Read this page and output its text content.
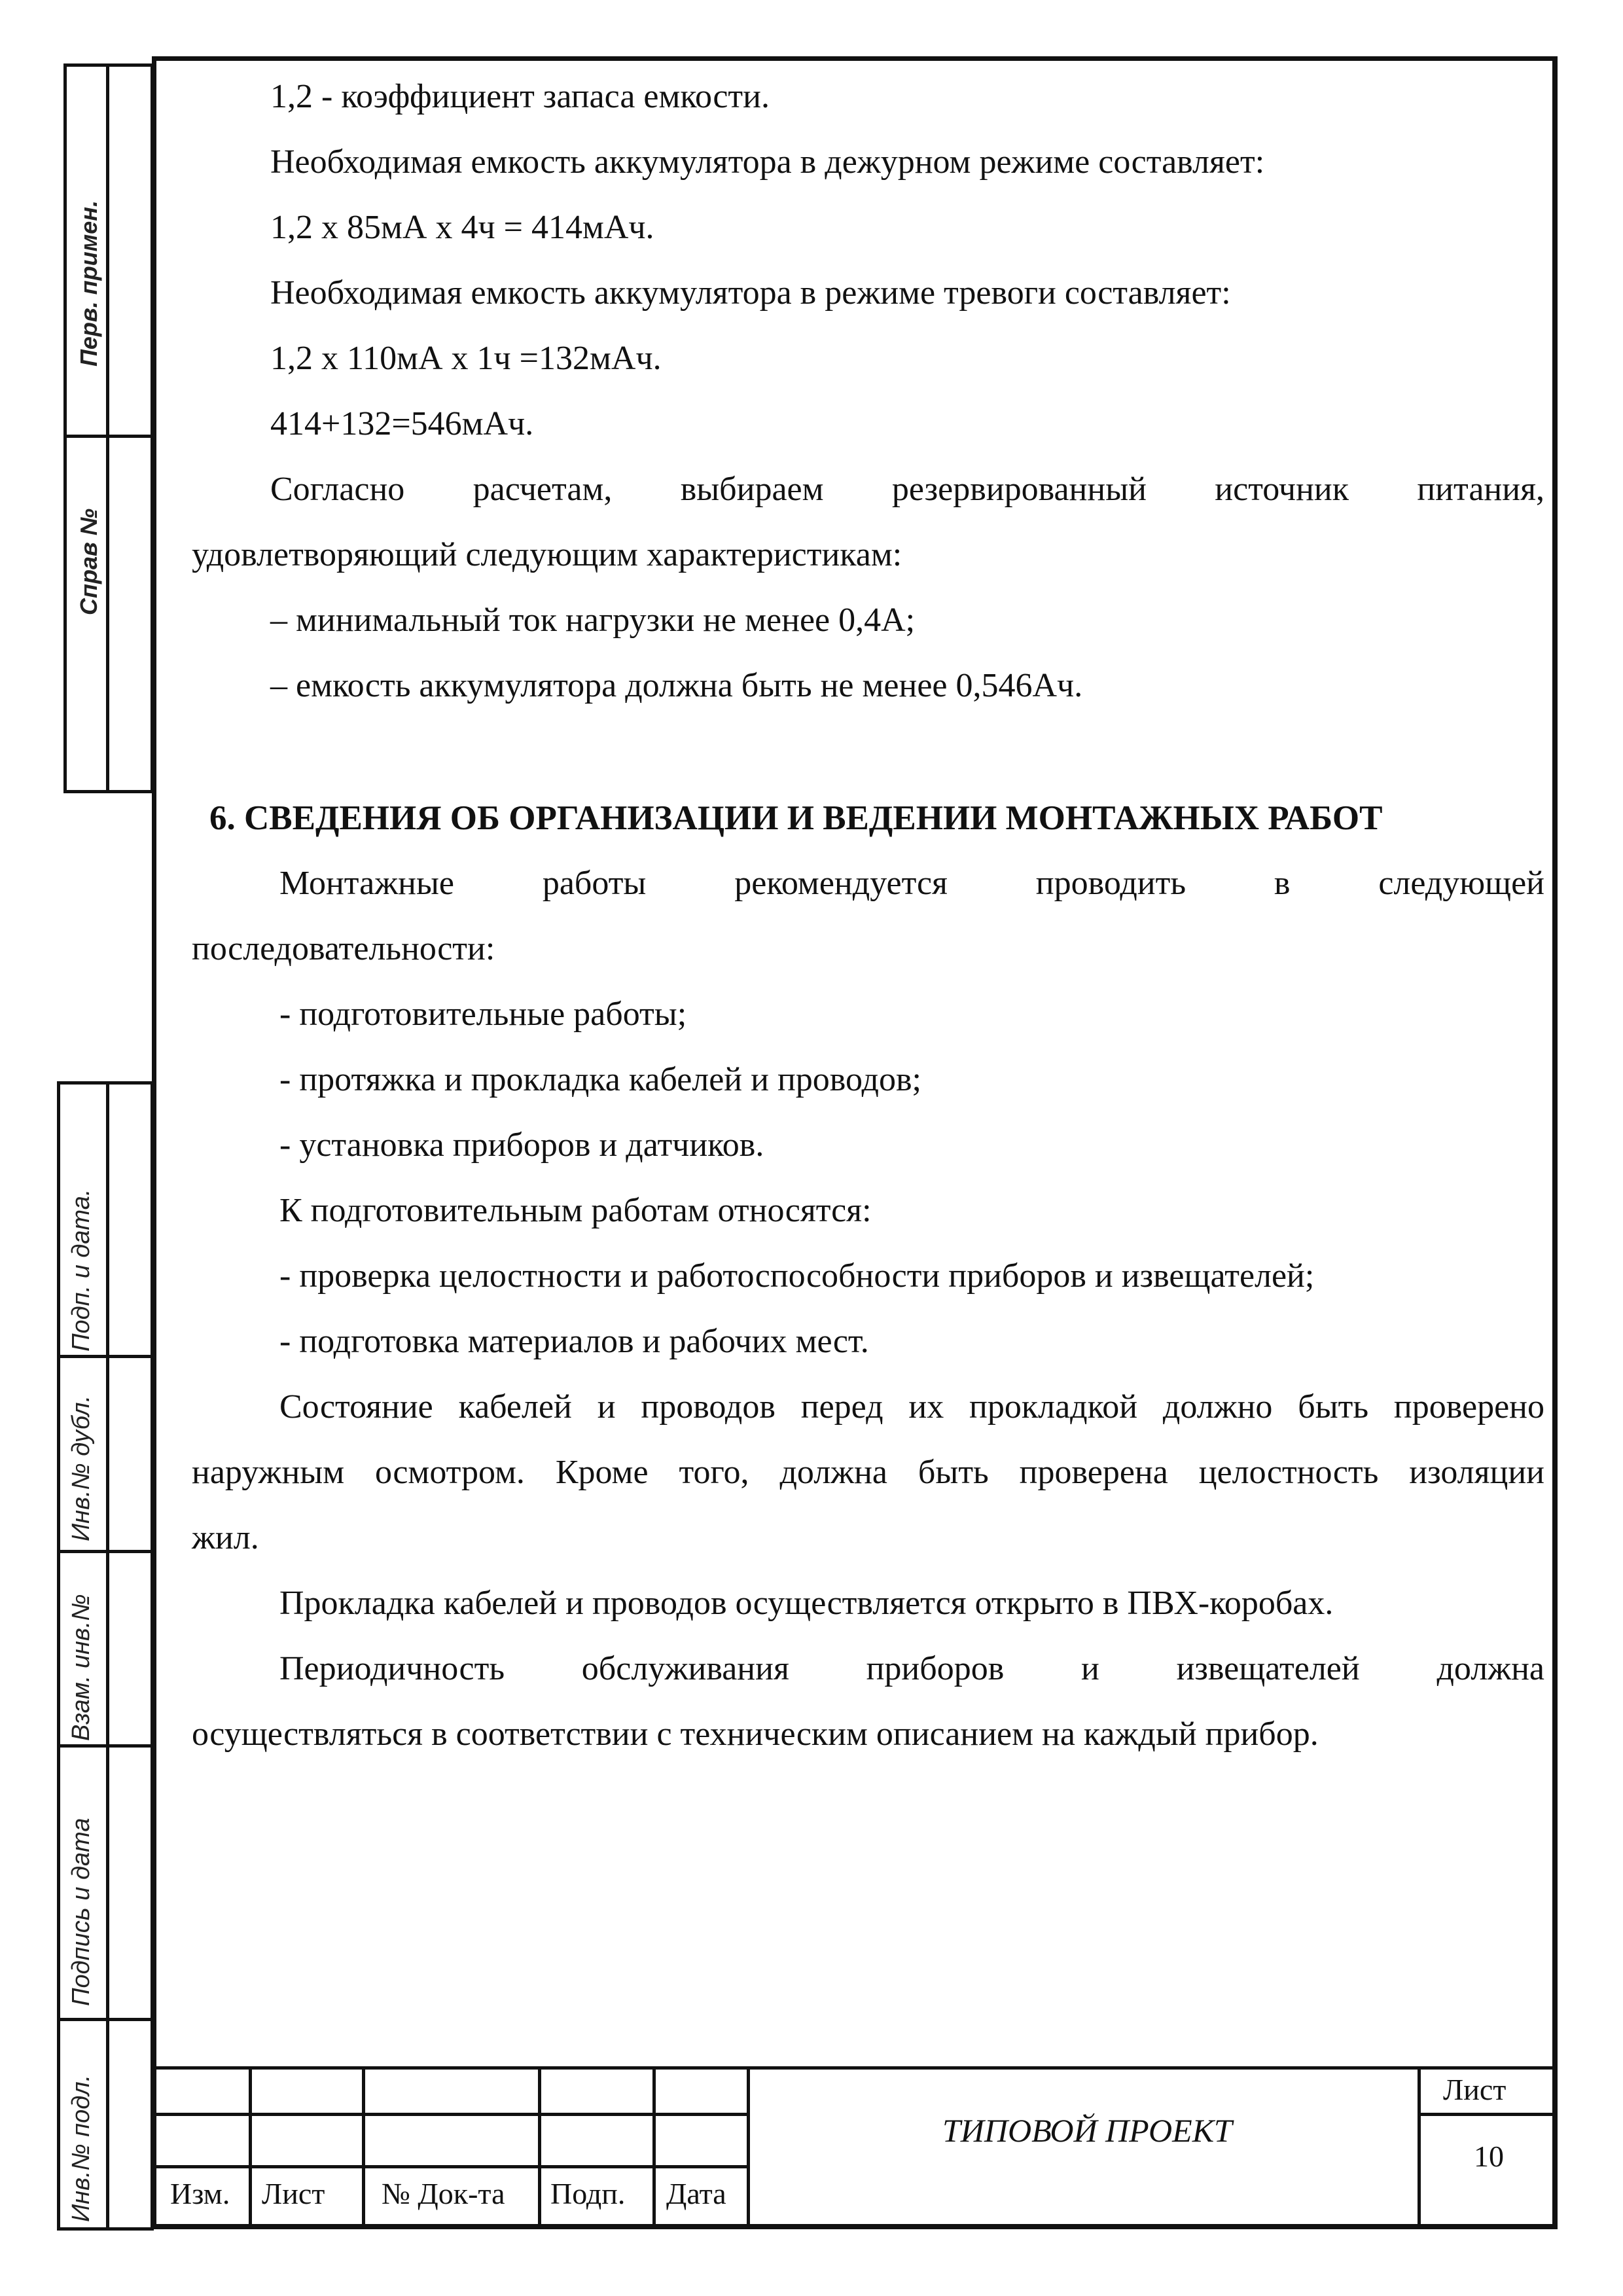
Перв. примен.
Справ №
Подп. и дата.
Инв.№ дубл.
Взам. инв.№
Подпись и дата
Инв.№ подл.
1,2 - коэффициент запаса емкости.
Необходимая емкость аккумулятора в дежурном режиме составляет:
1,2 х 85мА х 4ч = 414мАч.
Необходимая емкость аккумулятора в режиме тревоги составляет:
1,2 х 110мА х 1ч =132мАч.
414+132=546мАч.
Согласно расчетам, выбираем резервированный источник питания,
удовлетворяющий следующим характеристикам:
– минимальный ток нагрузки не менее 0,4А;
– емкость аккумулятора должна быть не менее 0,546Ач.
6. СВЕДЕНИЯ ОБ ОРГАНИЗАЦИИ И ВЕДЕНИИ МОНТАЖНЫХ РАБОТ
Монтажные работы рекомендуется проводить в следующей
последовательности:
- подготовительные работы;
- протяжка и прокладка кабелей и проводов;
- установка приборов и датчиков.
К подготовительным работам относятся:
- проверка целостности и работоспособности приборов и извещателей;
- подготовка материалов и рабочих мест.
Состояние кабелей и проводов перед их прокладкой должно быть проверено
наружным осмотром. Кроме того, должна быть проверена целостность изоляции
жил.
Прокладка кабелей и проводов осуществляется открыто в ПВХ-коробах.
Периодичность обслуживания приборов и извещателей должна
осуществляться в соответствии с техническим описанием на каждый прибор.
Изм. Лист № Док-та Подп. Дата
ТИПОВОЙ ПРОЕКТ
Лист
10
